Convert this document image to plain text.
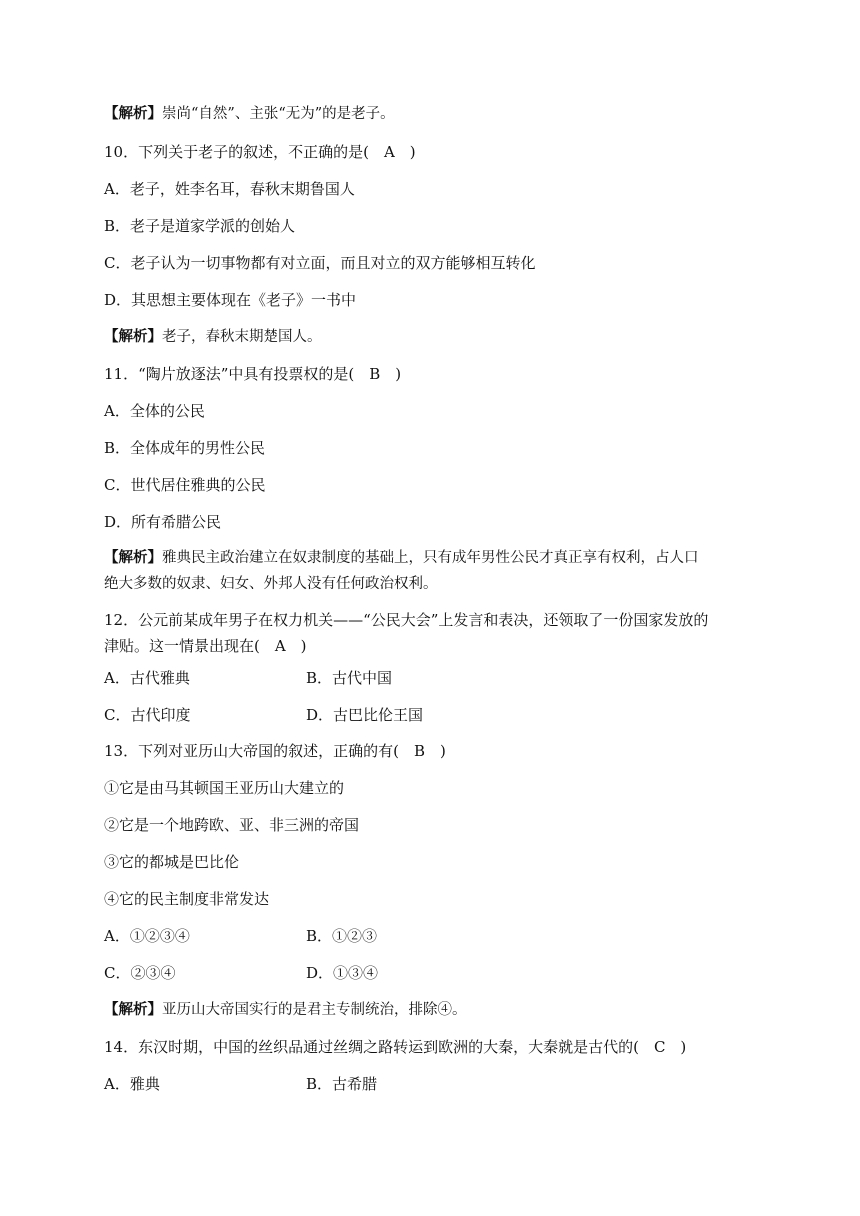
【解析】崇尚“自然”、主张“无为”的是老子。
10．下列关于老子的叙述，不正确的是(　A　)
A．老子，姓李名耳，春秋末期鲁国人
B．老子是道家学派的创始人
C．老子认为一切事物都有对立面，而且对立的双方能够相互转化
D．其思想主要体现在《老子》一书中
【解析】老子，春秋末期楚国人。
11．“陶片放逐法”中具有投票权的是(　B　)
A．全体的公民
B．全体成年的男性公民
C．世代居住雅典的公民
D．所有希腊公民
【解析】雅典民主政治建立在奴隶制度的基础上，只有成年男性公民才真正享有权利，占人口
绝大多数的奴隶、妇女、外邦人没有任何政治权利。
12．公元前某成年男子在权力机关——“公民大会”上发言和表决，还领取了一份国家发放的
津贴。这一情景出现在(　A　)
A．古代雅典	B．古代中国
C．古代印度	D．古巴比伦王国
13．下列对亚历山大帝国的叙述，正确的有(　B　)
①它是由马其顿国王亚历山大建立的
②它是一个地跨欧、亚、非三洲的帝国
③它的都城是巴比伦
④它的民主制度非常发达
A．①②③④	B．①②③
C．②③④	D．①③④
【解析】亚历山大帝国实行的是君主专制统治，排除④。
14．东汉时期，中国的丝织品通过丝绸之路转运到欧洲的大秦，大秦就是古代的(　C　)
A．雅典	B．古希腊
